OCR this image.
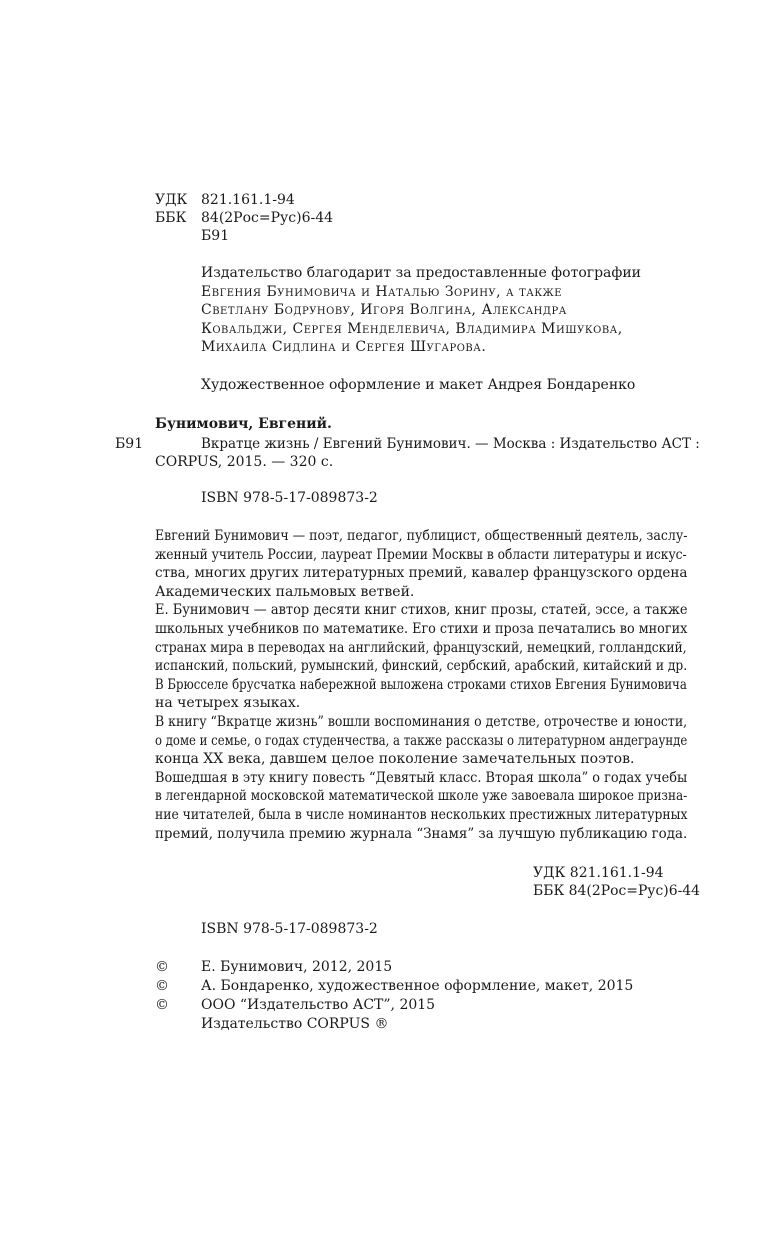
УДК 821.161.1-94
ББК 84(2Рос=Рус)6-44
Б91
Издательство благодарит за предоставленные фотографии
Евгения Бунимовича и Наталью Зорину, а также
Светлану Бодрунову, Игоря Волгина, Александра
Ковальджи, Сергея Менделевича, Владимира Мишукова,
Михаила Сидлина и Сергея Шугарова.
Художественное оформление и макет Андрея Бондаренко
Бунимович, Евгений.
Б91	Вкратце жизнь / Евгений Бунимович. — Москва : Издательство АСТ :
CORPUS, 2015. — 320 с.
ISBN 978-5-17-089873-2
Евгений Бунимович — поэт, педагог, публицист, общественный деятель, заслу-
женный учитель России, лауреат Премии Москвы в области литературы и искус-
ства, многих других литературных премий, кавалер французского ордена
Академических пальмовых ветвей.
Е. Бунимович — автор десяти книг стихов, книг прозы, статей, эссе, а также
школьных учебников по математике. Его стихи и проза печатались во многих
странах мира в переводах на английский, французский, немецкий, голландский,
испанский, польский, румынский, финский, сербский, арабский, китайский и др.
В Брюсселе брусчатка набережной выложена строками стихов Евгения Бунимовича
на четырех языках.
В книгу “Вкратце жизнь” вошли воспоминания о детстве, отрочестве и юности,
о доме и семье, о годах студенчества, а также рассказы о литературном андеграунде
конца XX века, давшем целое поколение замечательных поэтов.
Вошедшая в эту книгу повесть “Девятый класс. Вторая школа” о годах учебы
в легендарной московской математической школе уже завоевала широкое призна-
ние читателей, была в числе номинантов нескольких престижных литературных
премий, получила премию журнала “Знамя” за лучшую публикацию года.
УДК 821.161.1-94
ББК 84(2Рос=Рус)6-44
ISBN 978-5-17-089873-2
© Е. Бунимович, 2012, 2015
© А. Бондаренко, художественное оформление, макет, 2015
© ООО “Издательство АСТ”, 2015
Издательство CORPUS ®
